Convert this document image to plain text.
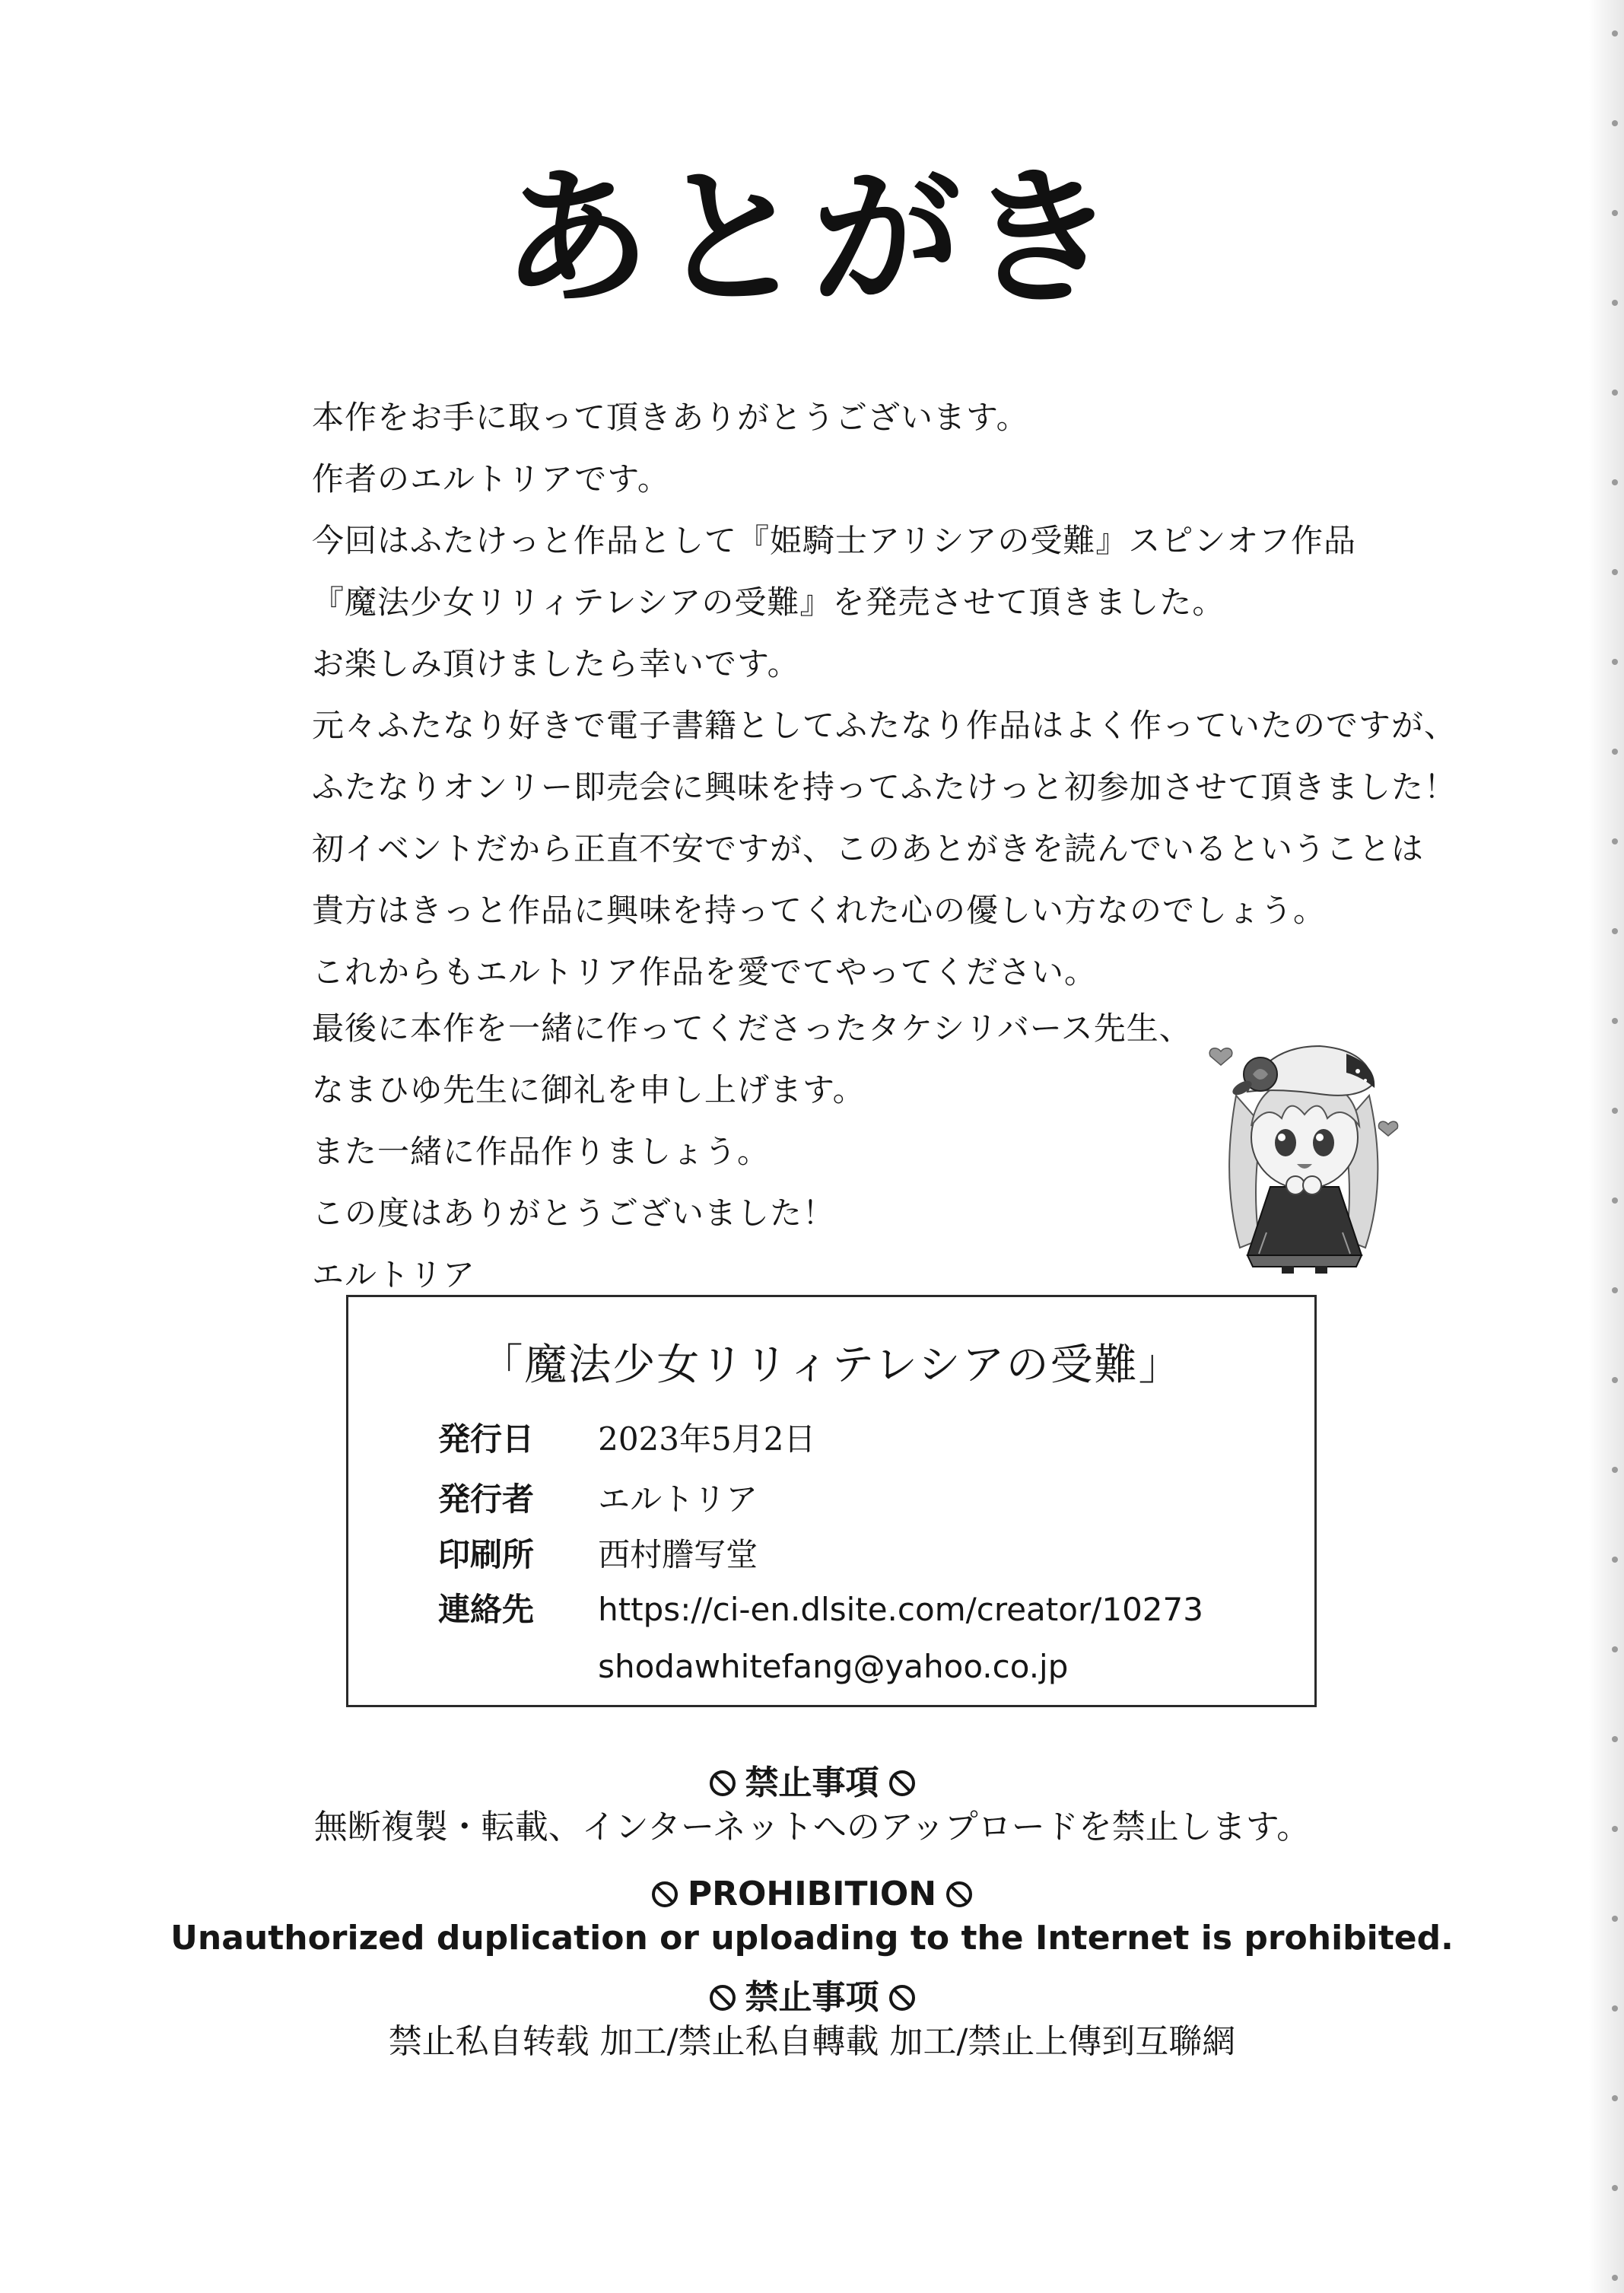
あとがき
本作をお手に取って頂きありがとうございます。
作者のエルトリアです。
今回はふたけっと作品として『姫騎士アリシアの受難』スピンオフ作品
『魔法少女リリィテレシアの受難』を発売させて頂きました。
お楽しみ頂けましたら幸いです。
元々ふたなり好きで電子書籍としてふたなり作品はよく作っていたのですが、
ふたなりオンリー即売会に興味を持ってふたけっと初参加させて頂きました！
初イベントだから正直不安ですが、このあとがきを読んでいるということは
貴方はきっと作品に興味を持ってくれた心の優しい方なのでしょう。
これからもエルトリア作品を愛でてやってください。
最後に本作を一緒に作ってくださったタケシリバース先生、
なまひゆ先生に御礼を申し上げます。
また一緒に作品作りましょう。
この度はありがとうございました！
エルトリア
「魔法少女リリィテレシアの受難」
発行日 2023年5月2日
発行者 エルトリア
印刷所 西村謄写堂
連絡先 https://ci-en.dlsite.com/creator/10273
shodawhitefang@yahoo.co.jp
禁止事項
無断複製・転載、インターネットへのアップロードを禁止します。
PROHIBITION
Unauthorized duplication or uploading to the Internet is prohibited.
禁止事项
禁止私自转载 加工/禁止私自轉載 加工/禁止上傳到互聯網
